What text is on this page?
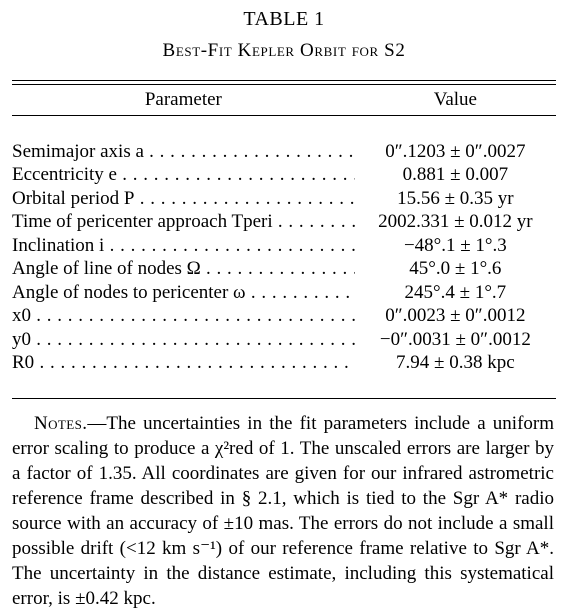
TABLE 1
Best-Fit Kepler Orbit for S2
Parameter	Value

Semimajor axis a . . .	0″.1203 ± 0″.0027

Eccentricity e . . .	0.881 ± 0.007

Orbital period P . . .	15.56 ± 0.35 yr

Time of pericenter approach Tperi . . .	2002.331 ± 0.012 yr

Inclination i . . .	−48°.1 ± 1°.3

Angle of line of nodes Ω . . .	45°.0 ± 1°.6

Angle of nodes to pericenter ω . . .	245°.4 ± 1°.7

x0 . . .	0″.0023 ± 0″.0012

y0 . . .	−0″.0031 ± 0″.0012

R0 . . .	7.94 ± 0.38 kpc

Notes.—The uncertainties in the fit parameters include a uniform error scaling to produce a χ²red of 1. The unscaled errors are larger by a factor of 1.35. All coordinates are given for our infrared astrometric reference frame described in § 2.1, which is tied to the Sgr A* radio source with an accuracy of ±10 mas. The errors do not include a small possible drift (<12 km s⁻¹) of our reference frame relative to Sgr A*. The uncertainty in the distance estimate, including this systematical error, is ±0.42 kpc.
